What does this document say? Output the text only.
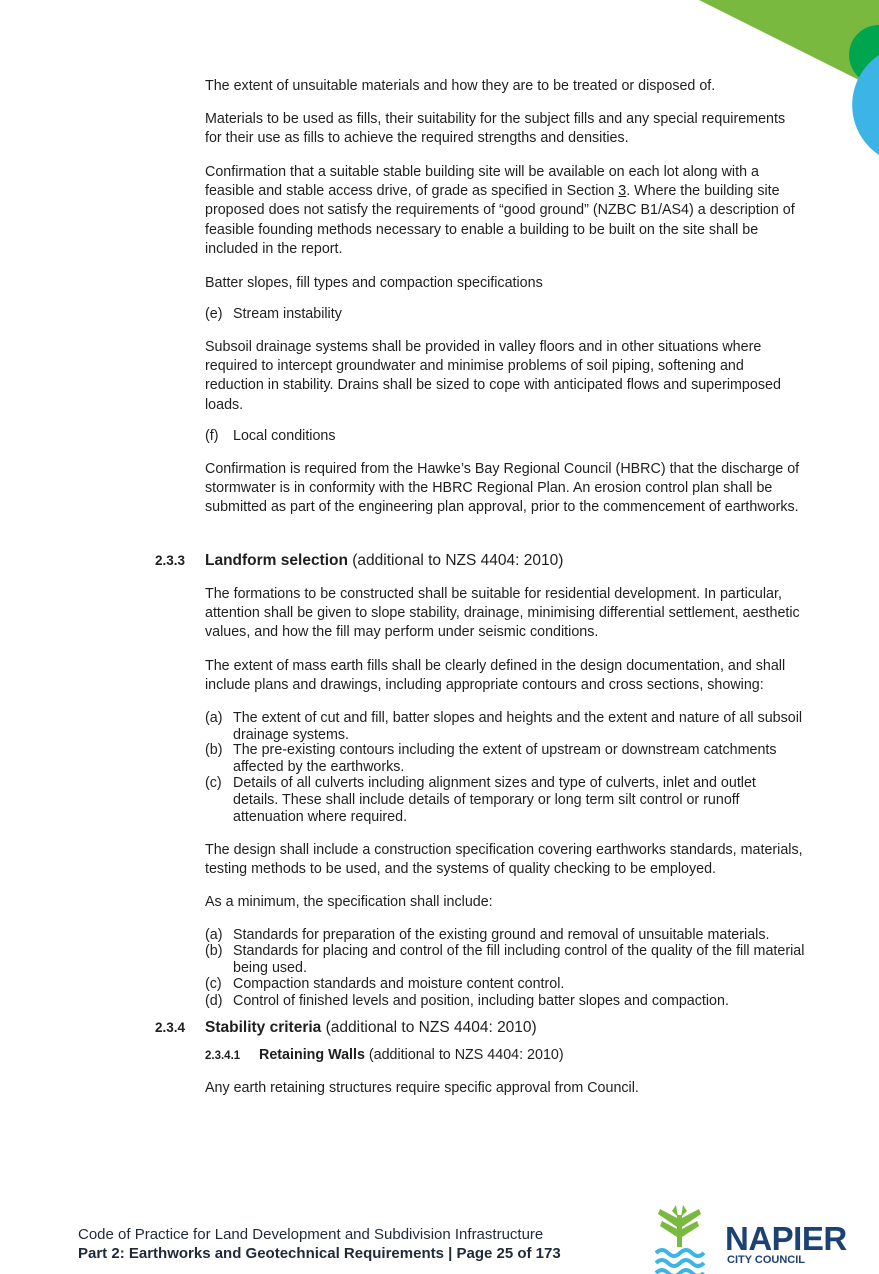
The extent of unsuitable materials and how they are to be treated or disposed of.

Materials to be used as fills, their suitability for the subject fills and any special requirements for their use as fills to achieve the required strengths and densities.

Confirmation that a suitable stable building site will be available on each lot along with a feasible and stable access drive, of grade as specified in Section 3. Where the building site proposed does not satisfy the requirements of “good ground” (NZBC B1/AS4) a description of feasible founding methods necessary to enable a building to be built on the site shall be included in the report.

Batter slopes, fill types and compaction specifications

(e) Stream instability

Subsoil drainage systems shall be provided in valley floors and in other situations where required to intercept groundwater and minimise problems of soil piping, softening and reduction in stability. Drains shall be sized to cope with anticipated flows and superimposed loads.

(f) Local conditions

Confirmation is required from the Hawke’s Bay Regional Council (HBRC) that the discharge of stormwater is in conformity with the HBRC Regional Plan. An erosion control plan shall be submitted as part of the engineering plan approval, prior to the commencement of earthworks.

2.3.3 Landform selection (additional to NZS 4404: 2010)

The formations to be constructed shall be suitable for residential development. In particular, attention shall be given to slope stability, drainage, minimising differential settlement, aesthetic values, and how the fill may perform under seismic conditions.

The extent of mass earth fills shall be clearly defined in the design documentation, and shall include plans and drawings, including appropriate contours and cross sections, showing:

(a) The extent of cut and fill, batter slopes and heights and the extent and nature of all subsoil drainage systems.
(b) The pre-existing contours including the extent of upstream or downstream catchments affected by the earthworks.
(c) Details of all culverts including alignment sizes and type of culverts, inlet and outlet details. These shall include details of temporary or long term silt control or runoff attenuation where required.

The design shall include a construction specification covering earthworks standards, materials, testing methods to be used, and the systems of quality checking to be employed.

As a minimum, the specification shall include:

(a) Standards for preparation of the existing ground and removal of unsuitable materials.
(b) Standards for placing and control of the fill including control of the quality of the fill material being used.
(c) Compaction standards and moisture content control.
(d) Control of finished levels and position, including batter slopes and compaction.
2.3.4 Stability criteria (additional to NZS 4404: 2010)
2.3.4.1 Retaining Walls (additional to NZS 4404: 2010)

Any earth retaining structures require specific approval from Council.

Code of Practice for Land Development and Subdivision Infrastructure
Part 2: Earthworks and Geotechnical Requirements | Page 25 of 173	NAPIER
CITY COUNCIL
